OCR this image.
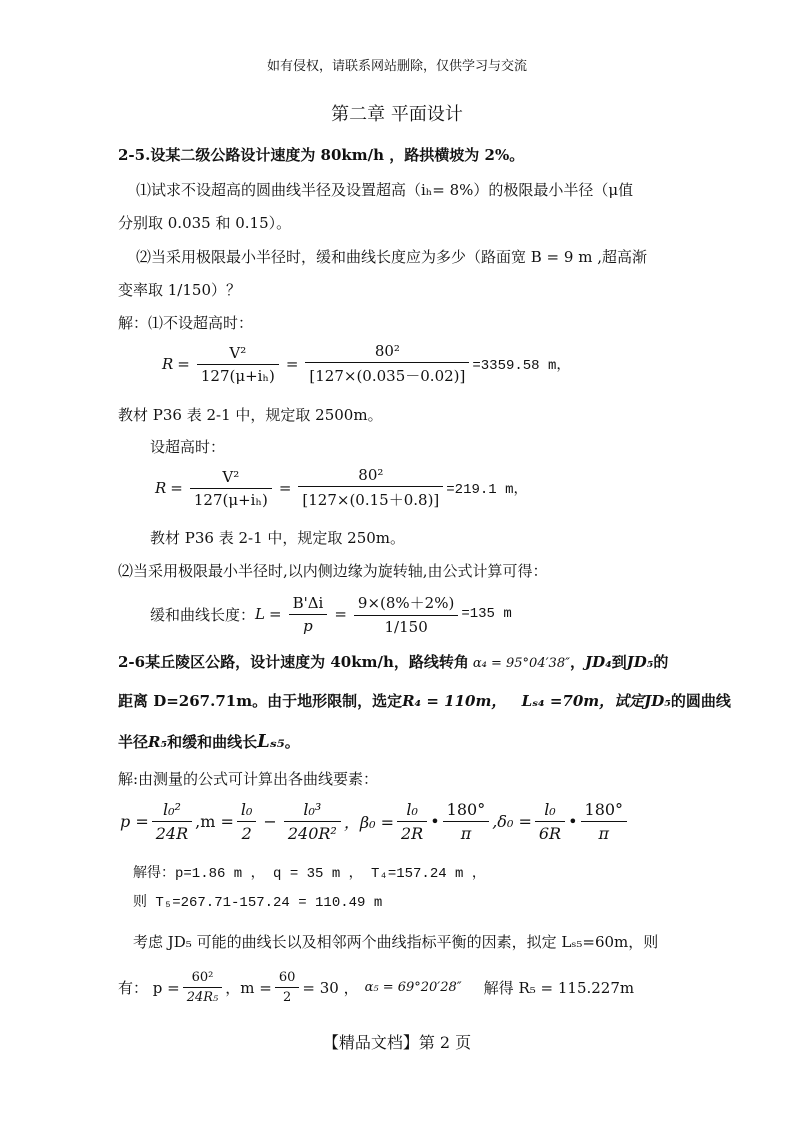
如有侵权，请联系网站删除，仅供学习与交流
第二章 平面设计
2-5.设某二级公路设计速度为 80km/h ，路拱横坡为 2%。
⑴试求不设超高的圆曲线半径及设置超高（iₕ= 8%）的极限最小半径（μ值
分别取 0.035 和 0.15）。
⑵当采用极限最小半径时，缓和曲线长度应为多少（路面宽 B = 9 m ,超高渐
变率取 1/150）？
解：⑴不设超高时：
$R = \frac{\text{V²}}{\text{127(μ+iₕ)}} = \frac{\text{80²}}{[127\times(0.035-0.02)]} =3359.58$ m，
教材 P36 表 2-1 中，规定取 2500m。
设超高时：
$R = \frac{\text{V²}}{\text{127(μ+iₕ)}} = \frac{\text{80²}}{[127\times(0.15+0.8)]} =219.1$ m，
教材 P36 表 2-1 中，规定取 250m。
⑵当采用极限最小半径时,以内侧边缘为旋转轴,由公式计算可得：
缓和曲线长度： $L = \frac{B'\Delta i}{p} = \frac{9\times(8\%+2\%)}{1/150} =135$ m
2-6某丘陵区公路，设计速度为 40km/h，路线转角 α₄ = 95°04′38″，JD₄到JD₅的
距离 D=267.71m。由于地形限制，选定R₄ = 110m， Lₛ₄ =70m，试定JD₅的圆曲线
半径R₅和缓和曲线长Lₛ₅。
解:由测量的公式可计算出各曲线要素：
$p = \frac{\text{l₀²}}{24R} ,m = \frac{\text{l₀}}{2} - \frac{\text{l₀³}}{\text{240R²}}$ ，$\beta_0 = \frac{\text{l₀}}{2R}$ • $\frac{180^\circ}{\pi} ,\delta_0 = \frac{\text{l₀}}{6R}$ • $\frac{180^\circ}{\pi}$
解得：p=1.86 m ， q = 35 m ， T₄=157.24 m ，
则 T₅=267.71-157.24 = 110.49 m
考虑 JD₅ 可能的曲线长以及相邻两个曲线指标平衡的因素，拟定 Lₛ₅=60m，则
有： $p = \frac{\text{60²}}{\text{24R₅}}$ ，$m = \frac{60}{2} = 30$ ， α₅ = 69°20′28″ 解得 R₅ = 115.227m
【精品文档】第 2 页
